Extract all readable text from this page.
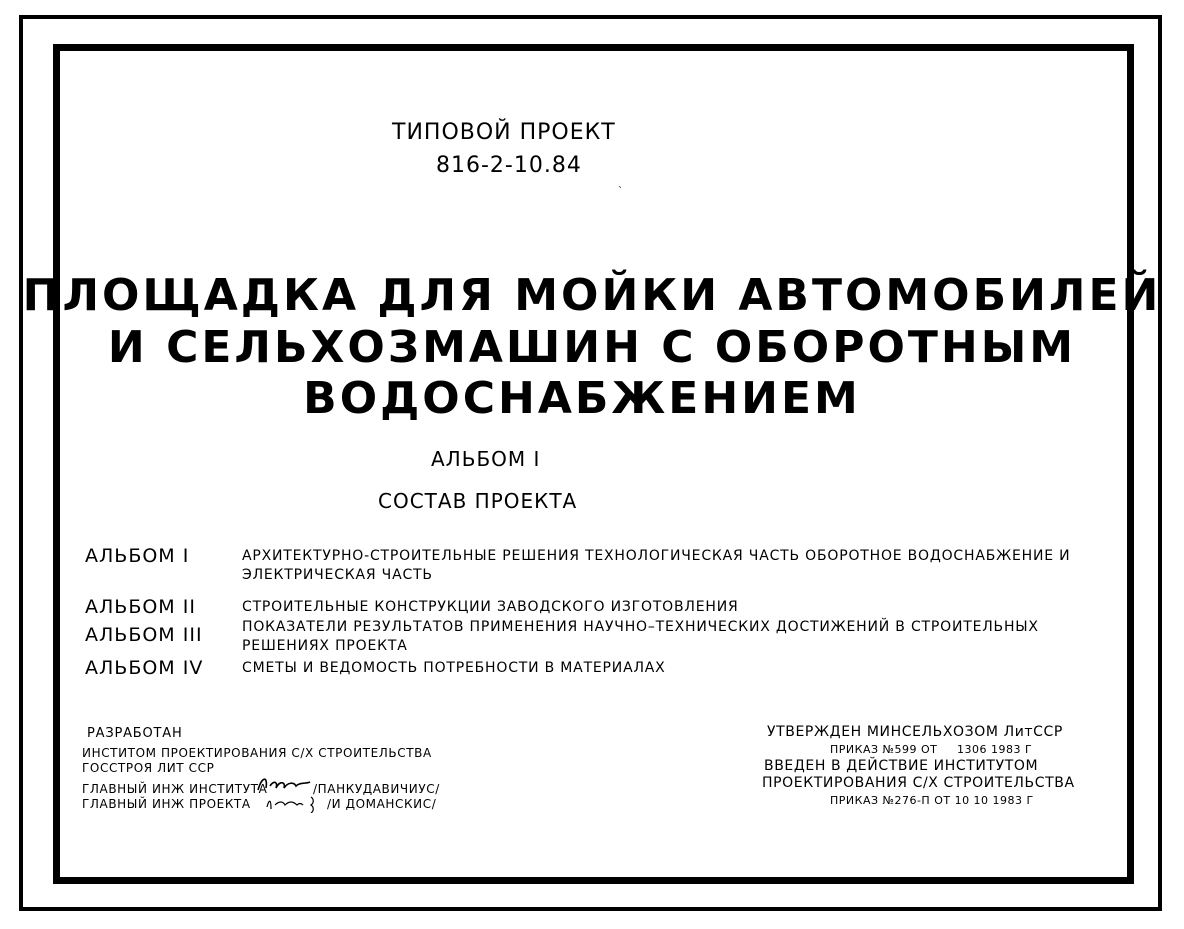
ТИПОВОЙ ПРОЕКТ
816-2-10.84
`
ПЛОЩАДКА ДЛЯ МОЙКИ АВТОМОБИЛЕЙ
И СЕЛЬХОЗМАШИН С ОБОРОТНЫМ
ВОДОСНАБЖЕНИЕМ
АЛЬБОМ I
СОСТАВ ПРОЕКТА
АЛЬБОМ I	АРХИТЕКТУРНО-СТРОИТЕЛЬНЫЕ РЕШЕНИЯ ТЕХНОЛОГИЧЕСКАЯ ЧАСТЬ ОБОРОТНОЕ ВОДОСНАБЖЕНИЕ И ЭЛЕКТРИЧЕСКАЯ ЧАСТЬ
АЛЬБОМ II	СТРОИТЕЛЬНЫЕ КОНСТРУКЦИИ ЗАВОДСКОГО ИЗГОТОВЛЕНИЯ
АЛЬБОМ III	ПОКАЗАТЕЛИ РЕЗУЛЬТАТОВ ПРИМЕНЕНИЯ НАУЧНО–ТЕХНИЧЕСКИХ ДОСТИЖЕНИЙ В СТРОИТЕЛЬНЫХ РЕШЕНИЯХ ПРОЕКТА
АЛЬБОМ IV	СМЕТЫ И ВЕДОМОСТЬ ПОТРЕБНОСТИ В МАТЕРИАЛАХ
РАЗРАБОТАН
ИНСТИТОМ ПРОЕКТИРОВАНИЯ С/Х СТРОИТЕЛЬСТВА
ГОССТРОЯ ЛИТ ССР
ГЛАВНЫЙ ИНЖ ИНСТИТУТА	/ПАНКУДАВИЧИУС/
ГЛАВНЫЙ ИНЖ ПРОЕКТА	/И ДОМАНСКИС/
УТВЕРЖДЕН МИНСЕЛЬХОЗОМ ЛитССР
ПРИКАЗ №599 ОТ 1306 1983 Г
ВВЕДЕН В ДЕЙСТВИЕ ИНСТИТУТОМ
ПРОЕКТИРОВАНИЯ С/Х СТРОИТЕЛЬСТВА
ПРИКАЗ №276-П ОТ 10 10 1983 Г
